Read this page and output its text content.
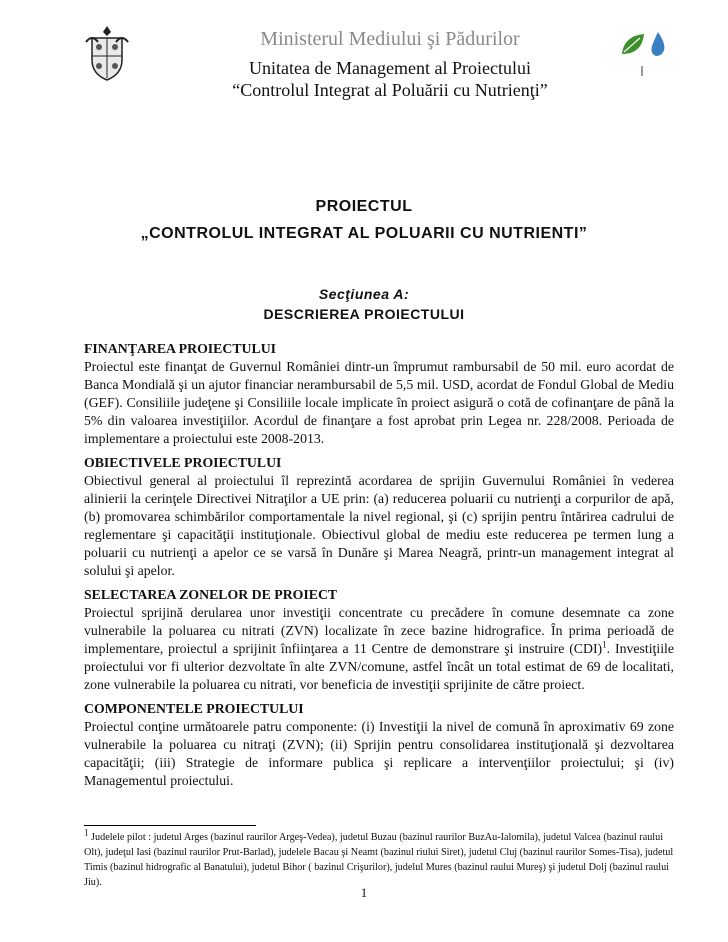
Ministerul Mediului şi Pădurilor
Unitatea de Management al Proiectului
“Controlul Integrat al Poluării cu Nutrienţi”
PROIECTUL
„CONTROLUL INTEGRAT AL POLUARII CU NUTRIENTI”
Secţiunea A:
DESCRIEREA PROIECTULUI
FINANŢAREA PROIECTULUI

Proiectul este finanţat de Guvernul României dintr-un împrumut rambursabil de 50 mil. euro acordat de Banca Mondială şi un ajutor financiar nerambursabil de 5,5 mil. USD, acordat de Fondul Global de Mediu (GEF). Consiliile judeţene şi Consiliile locale implicate în proiect asigură o cotă de cofinanţare de până la 5% din valoarea investiţiilor. Acordul de finanţare a fost aprobat prin Legea nr. 228/2008. Perioada de implementare a proiectului este 2008-2013.

OBIECTIVELE PROIECTULUI

Obiectivul general al proiectului îl reprezintă acordarea de sprijin Guvernului României în vederea alinierii la cerinţele Directivei Nitraţilor a UE prin: (a) reducerea poluarii cu nutrienţi a corpurilor de apă, (b) promovarea schimbărilor comportamentale la nivel regional, şi (c) sprijin pentru întărirea cadrului de reglementare şi capacităţii instituţionale. Obiectivul global de mediu este reducerea pe termen lung a poluarii cu nutrienţi a apelor ce se varsă în Dunăre şi Marea Neagră, printr-un management integrat al solului şi apelor.

SELECTAREA ZONELOR DE PROIECT

Proiectul sprijină derularea unor investiţii concentrate cu precădere în comune desemnate ca zone vulnerabile la poluarea cu nitrati (ZVN) localizate în zece bazine hidrografice. În prima perioadă de implementare, proiectul a sprijinit înfiinţarea a 11 Centre de demonstrare şi instruire (CDI)$^1$. Investiţiile proiectului vor fi ulterior dezvoltate în alte ZVN/comune, astfel încât un total estimat de 69 de localitati, zone vulnerabile la poluarea cu nitrati, vor beneficia de investiţii sprijinite de către proiect.

COMPONENTELE PROIECTULUI

Proiectul conţine următoarele patru componente: (i) Investiţii la nivel de comună în aproximativ 69 zone vulnerabile la poluarea cu nitraţi (ZVN); (ii) Sprijin pentru consolidarea instituţională şi dezvoltarea capacităţii; (iii) Strategie de informare publica şi replicare a intervenţiilor proiectului; şi (iv) Managementul proiectului.

$^1$ Judelele pilot : judetul Arges (bazinul raurilor Argeş-Vedea), judetul Buzau (bazinul raurilor BuzAu-Ialomila), judetul Valcea (bazinul raului Olt), judeţul Iasi (bazinul raurilor Prut-Barlad), judelele Bacau şi Neamt (bazinul riului Siret), judetul Cluj (bazinul raurilor Somes-Tisa), judetul Timis (bazinul hidrografic al Banatului), judetul Bihor ( bazinul Crişurilor), judelul Mures (bazinul raului Mureş) şi judetul Dolj (bazinul raului Jiu).
1
